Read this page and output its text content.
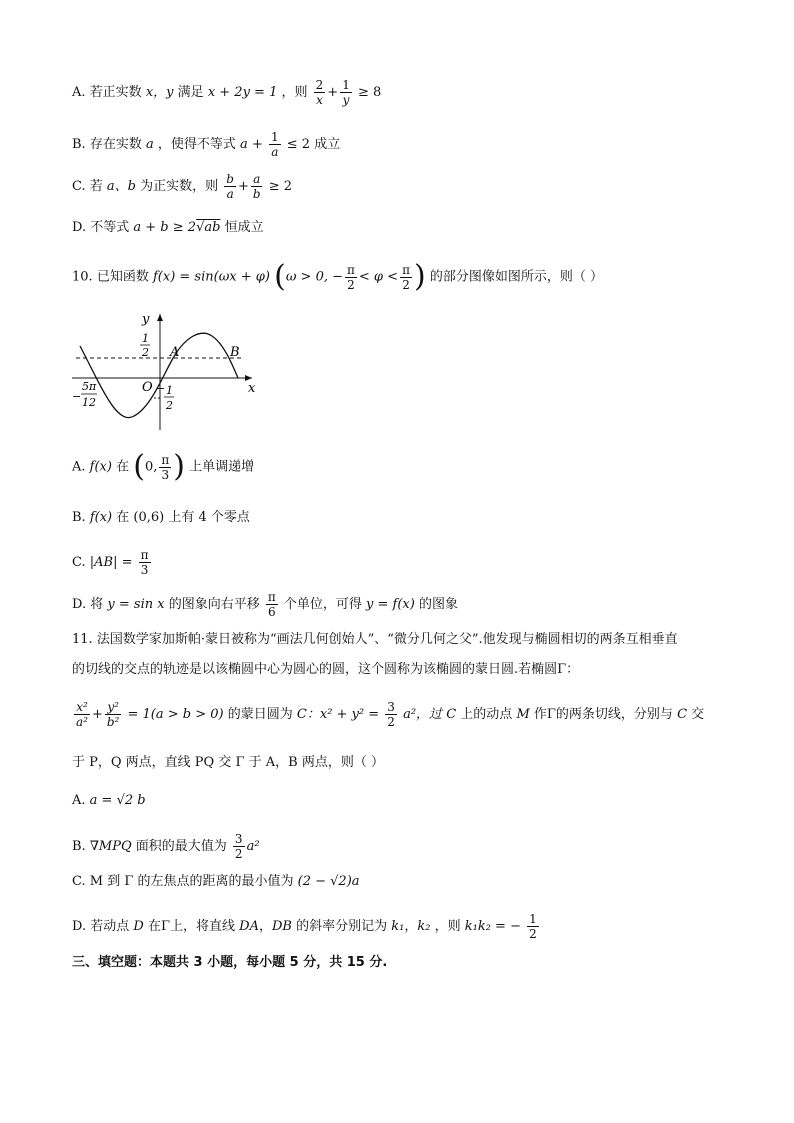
A. 若正实数 x，y 满足 x + 2y = 1 ，则 $\frac{2}{x} + \frac{1}{y} \ge 8$
B. 存在实数 a ，使得不等式 $a + \frac{1}{a} \le 2$ 成立
C. 若 a、b 为正实数，则 $\frac{b}{a} + \frac{a}{b} \ge 2$
D. 不等式 a + b ≥ 2√ab 恒成立
10. 已知函数 f(x) = sin(ωx + φ) (ω > 0, − $\frac{\pi}{2} < \varphi < \frac{\pi}{2}$ ) 的部分图像如图所示，则（ ）
y
x
O
A	B
1
2
− 1
2
−
5π
12
A. f(x) 在 (0, $\frac{\pi}{3}$ ) 上单调递增
B. f(x) 在 (0,6) 上有 4 个零点
C. $|AB| = \frac{\pi}{3}$
D. 将 y = sin x 的图象向右平移 $\frac{\pi}{6}$ 个单位，可得 y = f(x) 的图象
11. 法国数学家加斯帕·蒙日被称为“画法几何创始人”、“微分几何之父”.他发现与椭圆相切的两条互相垂直
的切线的交点的轨迹是以该椭圆中心为圆心的圆，这个圆称为该椭圆的蒙日圆.若椭圆Γ：
$\frac{\text{x²}}{\text{a²}} + \frac{\text{y²}}{\text{b²}} = 1(a > b > 0)$ 的蒙日圆为 C：$x^2 + y^2 = \frac{3}{2} a^2$，过 C 上的动点 M 作Γ的两条切线，分别与 C 交
于 P，Q 两点，直线 PQ 交 Γ 于 A，B 两点，则（ ）
A. a = √2 b
B. ∇MPQ 面积的最大值为 $\frac{3}{2} a^2$
C. M 到 Γ 的左焦点的距离的最小值为 (2 − √2)a
D. 若动点 D 在Γ上，将直线 DA，DB 的斜率分别记为 k₁，k₂ ，则 k₁k₂ = − $\frac{1}{2}$
三、填空题：本题共 3 小题，每小题 5 分，共 15 分.
